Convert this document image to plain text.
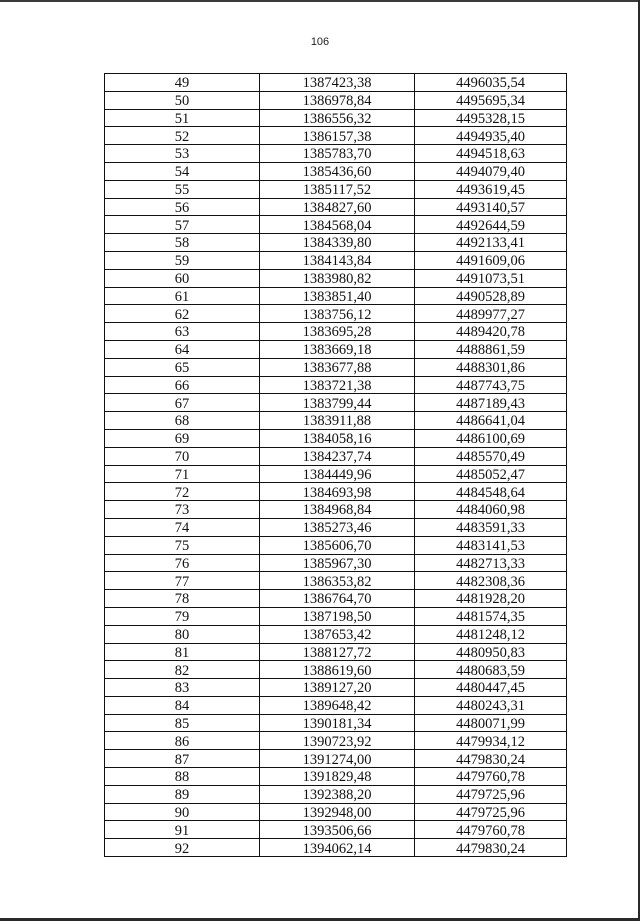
106
49	1387423,38	4496035,54
50	1386978,84	4495695,34
51	1386556,32	4495328,15
52	1386157,38	4494935,40
53	1385783,70	4494518,63
54	1385436,60	4494079,40
55	1385117,52	4493619,45
56	1384827,60	4493140,57
57	1384568,04	4492644,59
58	1384339,80	4492133,41
59	1384143,84	4491609,06
60	1383980,82	4491073,51
61	1383851,40	4490528,89
62	1383756,12	4489977,27
63	1383695,28	4489420,78
64	1383669,18	4488861,59
65	1383677,88	4488301,86
66	1383721,38	4487743,75
67	1383799,44	4487189,43
68	1383911,88	4486641,04
69	1384058,16	4486100,69
70	1384237,74	4485570,49
71	1384449,96	4485052,47
72	1384693,98	4484548,64
73	1384968,84	4484060,98
74	1385273,46	4483591,33
75	1385606,70	4483141,53
76	1385967,30	4482713,33
77	1386353,82	4482308,36
78	1386764,70	4481928,20
79	1387198,50	4481574,35
80	1387653,42	4481248,12
81	1388127,72	4480950,83
82	1388619,60	4480683,59
83	1389127,20	4480447,45
84	1389648,42	4480243,31
85	1390181,34	4480071,99
86	1390723,92	4479934,12
87	1391274,00	4479830,24
88	1391829,48	4479760,78
89	1392388,20	4479725,96
90	1392948,00	4479725,96
91	1393506,66	4479760,78
92	1394062,14	4479830,24
